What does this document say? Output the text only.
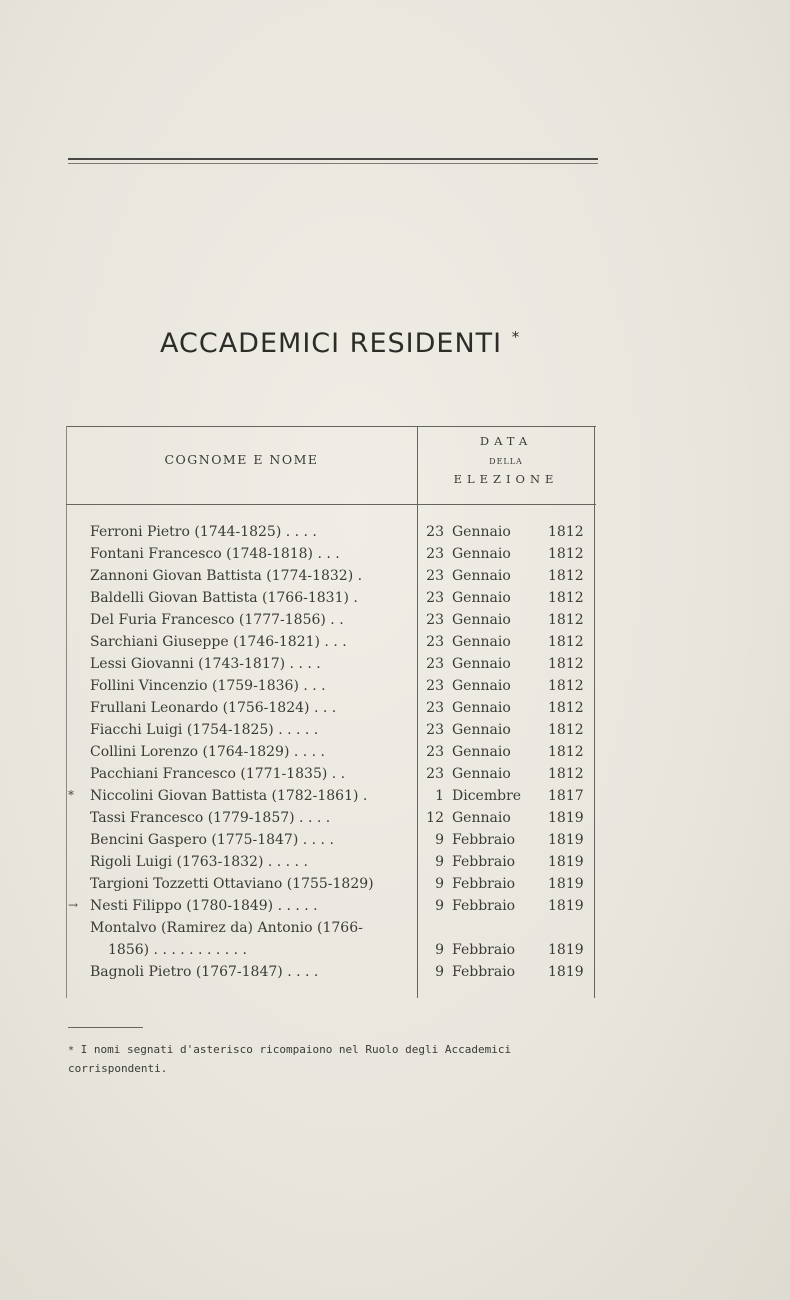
ACCADEMICI RESIDENTI *
COGNOME E NOME
DATA
DELLA
ELEZIONE
Ferroni Pietro (1744-1825) . . . .	23 Gennaio	1812
Fontani Francesco (1748-1818) . . .	23 Gennaio	1812
Zannoni Giovan Battista (1774-1832) .	23 Gennaio	1812
Baldelli Giovan Battista (1766-1831) .	23 Gennaio	1812
Del Furia Francesco (1777-1856) . .	23 Gennaio	1812
Sarchiani Giuseppe (1746-1821) . . .	23 Gennaio	1812
Lessi Giovanni (1743-1817) . . . .	23 Gennaio	1812
Follini Vincenzio (1759-1836) . . .	23 Gennaio	1812
Frullani Leonardo (1756-1824) . . .	23 Gennaio	1812
Fiacchi Luigi (1754-1825) . . . . .	23 Gennaio	1812
Collini Lorenzo (1764-1829) . . . .	23 Gennaio	1812
Pacchiani Francesco (1771-1835) . .	23 Gennaio	1812
*	Niccolini Giovan Battista (1782-1861) .	1 Dicembre	1817
Tassi Francesco (1779-1857) . . . .	12 Gennaio	1819
Bencini Gaspero (1775-1847) . . . .	9 Febbraio	1819
Rigoli Luigi (1763-1832) . . . . .	9 Febbraio	1819
Targioni Tozzetti Ottaviano (1755-1829)	9 Febbraio	1819
→ Nesti Filippo (1780-1849) . . . . .	9 Febbraio	1819
Montalvo (Ramirez da) Antonio (1766-
1856) . . . . . . . . . . .	9 Febbraio	1819
Bagnoli Pietro (1767-1847) . . . .	9 Febbraio	1819
* I nomi segnati d'asterisco ricompaiono nel Ruolo degli Accademici corrispondenti.
